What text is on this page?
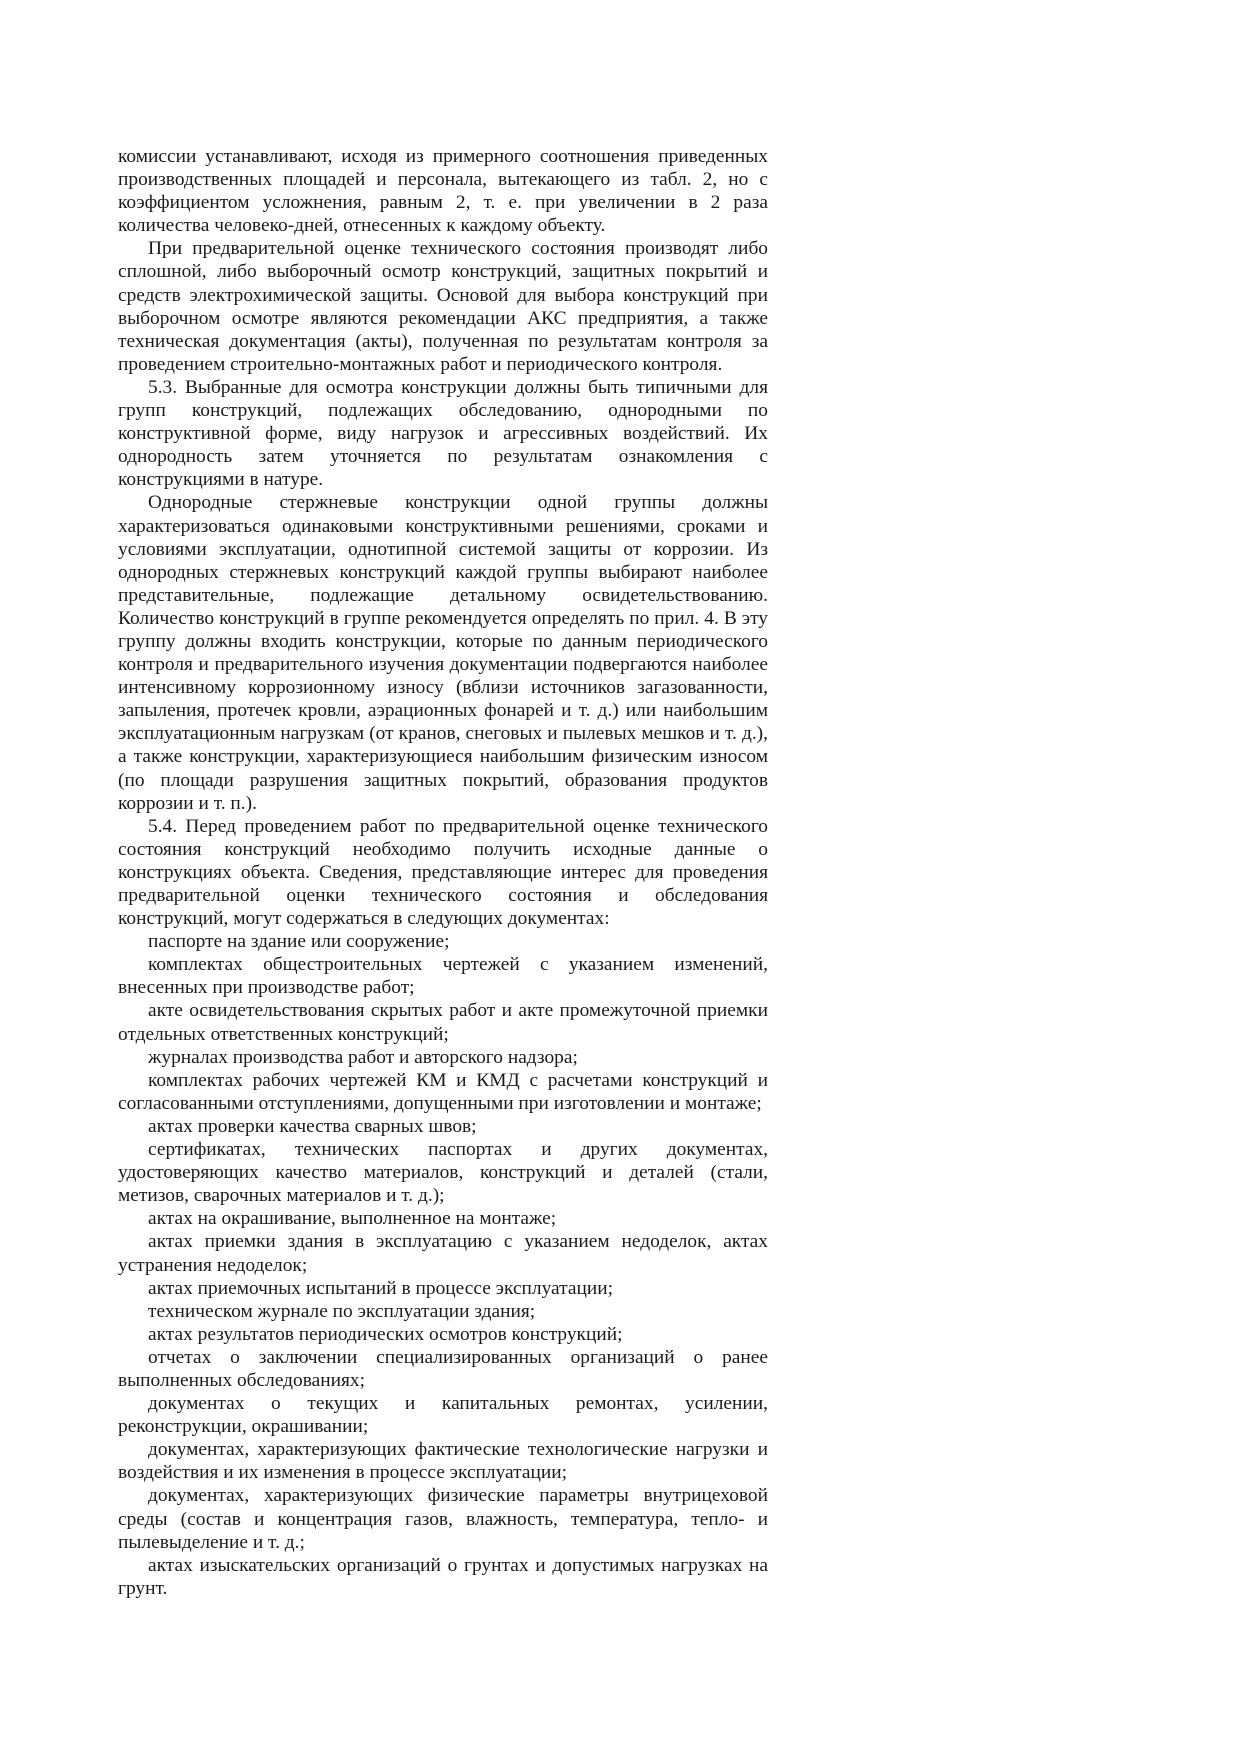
комиссии устанавливают, исходя из примерного соотношения приведенных производственных площадей и персонала, вытекающего из табл. 2, но с коэффициентом усложнения, равным 2, т. е. при увеличении в 2 раза количества человеко-дней, отнесенных к каждому объекту.

При предварительной оценке технического состояния производят либо сплошной, либо выборочный осмотр конструкций, защитных покрытий и средств электрохимической защиты. Основой для выбора конструкций при выборочном осмотре являются рекомендации АКС предприятия, а также техническая документация (акты), полученная по результатам контроля за проведением строительно-монтажных работ и периодического контроля.

5.3. Выбранные для осмотра конструкции должны быть типичными для групп конструкций, подлежащих обследованию, однородными по конструктивной форме, виду нагрузок и агрессивных воздействий. Их однородность затем уточняется по результатам ознакомления с конструкциями в натуре.

Однородные стержневые конструкции одной группы должны характеризоваться одинаковыми конструктивными решениями, сроками и условиями эксплуатации, однотипной системой защиты от коррозии. Из однородных стержневых конструкций каждой группы выбирают наиболее представительные, подлежащие детальному освидетельствованию. Количество конструкций в группе рекомендуется определять по прил. 4. В эту группу должны входить конструкции, которые по данным периодического контроля и предварительного изучения документации подвергаются наиболее интенсивному коррозионному износу (вблизи источников загазованности, запыления, протечек кровли, аэрационных фонарей и т. д.) или наибольшим эксплуатационным нагрузкам (от кранов, снеговых и пылевых мешков и т. д.), а также конструкции, характеризующиеся наибольшим физическим износом (по площади разрушения защитных покрытий, образования продуктов коррозии и т. п.).

5.4. Перед проведением работ по предварительной оценке технического состояния конструкций необходимо получить исходные данные о конструкциях объекта. Сведения, представляющие интерес для проведения предварительной оценки технического состояния и обследования конструкций, могут содержаться в следующих документах:

паспорте на здание или сооружение;

комплектах общестроительных чертежей с указанием изменений, внесенных при производстве работ;

акте освидетельствования скрытых работ и акте промежуточной приемки отдельных ответственных конструкций;

журналах производства работ и авторского надзора;

комплектах рабочих чертежей КМ и КМД с расчетами конструкций и согласованными отступлениями, допущенными при изготовлении и монтаже;

актах проверки качества сварных швов;

сертификатах, технических паспортах и других документах, удостоверяющих качество материалов, конструкций и деталей (стали, метизов, сварочных материалов и т. д.);

актах на окрашивание, выполненное на монтаже;

актах приемки здания в эксплуатацию с указанием недоделок, актах устранения недоделок;

актах приемочных испытаний в процессе эксплуатации;

техническом журнале по эксплуатации здания;

актах результатов периодических осмотров конструкций;

отчетах о заключении специализированных организаций о ранее выполненных обследованиях;

документах о текущих и капитальных ремонтах, усилении, реконструкции, окрашивании;

документах, характеризующих фактические технологические нагрузки и воздействия и их изменения в процессе эксплуатации;

документах, характеризующих физические параметры внутрицеховой среды (состав и концентрация газов, влажность, температура, тепло- и пылевыделение и т. д.;

актах изыскательских организаций о грунтах и допустимых нагрузках на грунт.
